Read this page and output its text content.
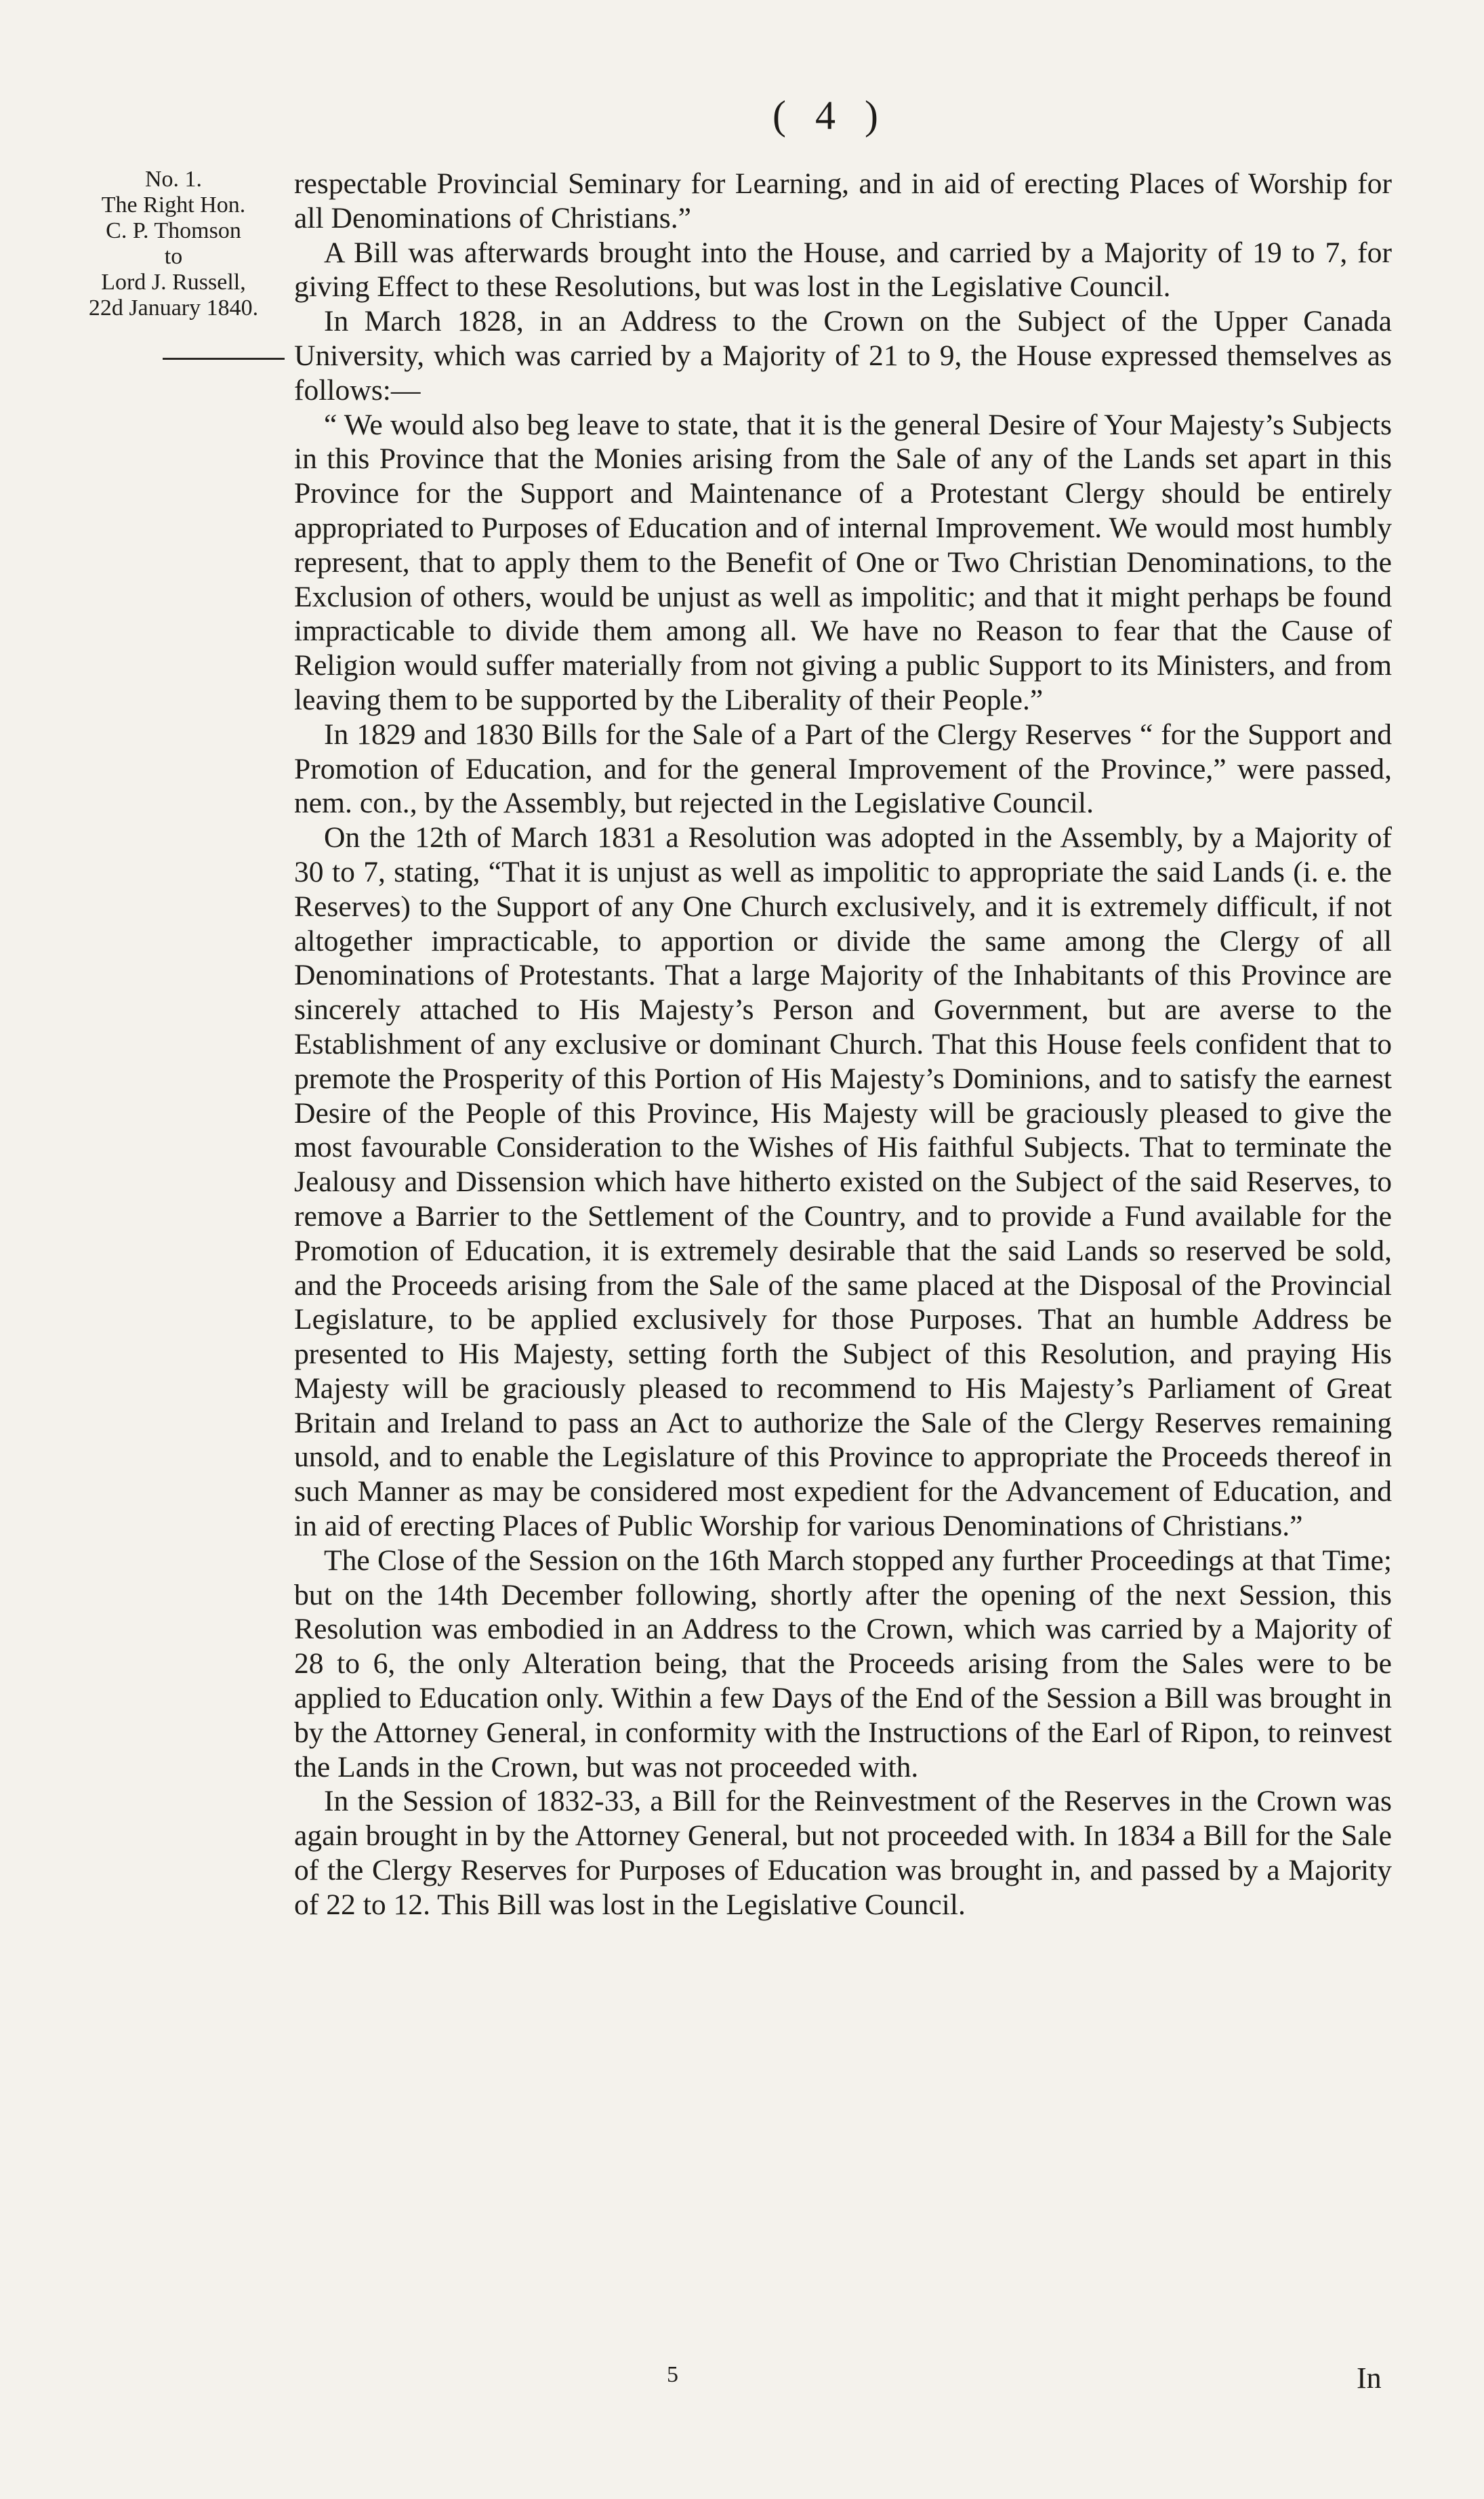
( 4 )
No. 1.
The Right Hon.
C. P. Thomson
to
Lord J. Russell,
22d January 1840.

respectable Provincial Seminary for Learning, and in aid of erecting Places of Worship for all Denominations of Christians.”

A Bill was afterwards brought into the House, and carried by a Majority of 19 to 7, for giving Effect to these Resolutions, but was lost in the Legislative Council.

In March 1828, in an Address to the Crown on the Subject of the Upper Canada University, which was carried by a Majority of 21 to 9, the House expressed themselves as follows:—

“ We would also beg leave to state, that it is the general Desire of Your Majesty’s Subjects in this Province that the Monies arising from the Sale of any of the Lands set apart in this Province for the Support and Maintenance of a Protestant Clergy should be entirely appropriated to Purposes of Education and of internal Improvement. We would most humbly represent, that to apply them to the Benefit of One or Two Christian Denominations, to the Exclusion of others, would be unjust as well as impolitic; and that it might perhaps be found impracticable to divide them among all. We have no Reason to fear that the Cause of Religion would suffer materially from not giving a public Support to its Ministers, and from leaving them to be supported by the Liberality of their People.”

In 1829 and 1830 Bills for the Sale of a Part of the Clergy Reserves “ for the Support and Promotion of Education, and for the general Improvement of the Province,” were passed, nem. con., by the Assembly, but rejected in the Legislative Council.

On the 12th of March 1831 a Resolution was adopted in the Assembly, by a Majority of 30 to 7, stating, “That it is unjust as well as impolitic to appropriate the said Lands (i. e. the Reserves) to the Support of any One Church exclusively, and it is extremely difficult, if not altogether impracticable, to apportion or divide the same among the Clergy of all Denominations of Protestants. That a large Majority of the Inhabitants of this Province are sincerely attached to His Majesty’s Person and Government, but are averse to the Establishment of any exclusive or dominant Church. That this House feels confident that to premote the Prosperity of this Portion of His Majesty’s Dominions, and to satisfy the earnest Desire of the People of this Province, His Majesty will be graciously pleased to give the most favourable Consideration to the Wishes of His faithful Subjects. That to terminate the Jealousy and Dissension which have hitherto existed on the Subject of the said Reserves, to remove a Barrier to the Settlement of the Country, and to provide a Fund available for the Promotion of Education, it is extremely desirable that the said Lands so reserved be sold, and the Proceeds arising from the Sale of the same placed at the Disposal of the Provincial Legislature, to be applied exclusively for those Purposes. That an humble Address be presented to His Majesty, setting forth the Subject of this Resolution, and praying His Majesty will be graciously pleased to recommend to His Majesty’s Parliament of Great Britain and Ireland to pass an Act to authorize the Sale of the Clergy Reserves remaining unsold, and to enable the Legislature of this Province to appropriate the Proceeds thereof in such Manner as may be considered most expedient for the Advancement of Education, and in aid of erecting Places of Public Worship for various Denominations of Christians.”

The Close of the Session on the 16th March stopped any further Proceedings at that Time; but on the 14th December following, shortly after the opening of the next Session, this Resolution was embodied in an Address to the Crown, which was carried by a Majority of 28 to 6, the only Alteration being, that the Proceeds arising from the Sales were to be applied to Education only. Within a few Days of the End of the Session a Bill was brought in by the Attorney General, in conformity with the Instructions of the Earl of Ripon, to reinvest the Lands in the Crown, but was not proceeded with.

In the Session of 1832-33, a Bill for the Reinvestment of the Reserves in the Crown was again brought in by the Attorney General, but not proceeded with. In 1834 a Bill for the Sale of the Clergy Reserves for Purposes of Education was brought in, and passed by a Majority of 22 to 12. This Bill was lost in the Legislative Council.

5	In
